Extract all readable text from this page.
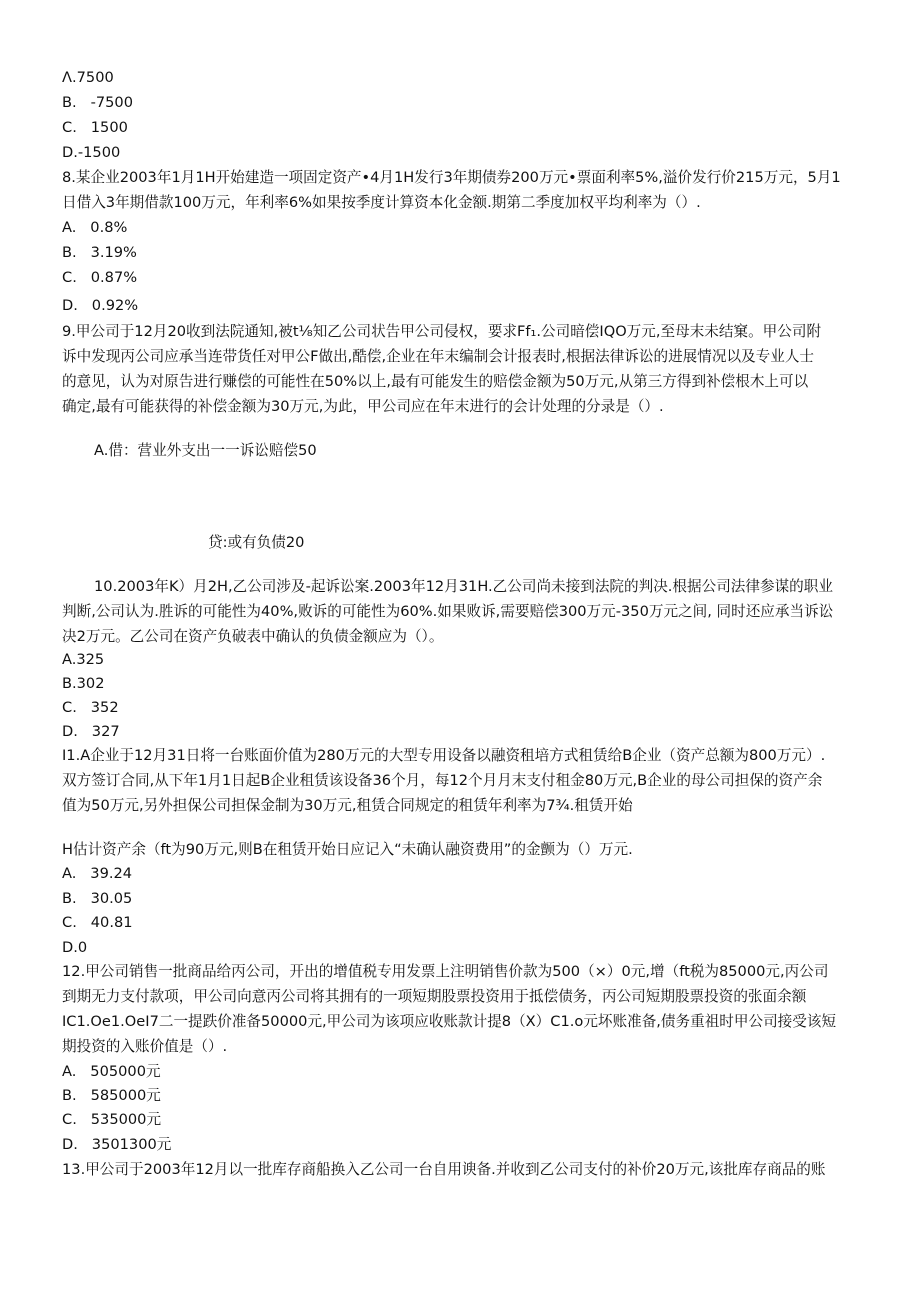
Λ.7500
B.   -7500
C.   1500
D.-1500
8.某企业2003年1月1H开始建造一项固定资产•4月1H发行3年期债券200万元•票面利率5%,溢价发行价215万元，5月1
日借入3年期借款100万元，年利率6%如果按季度计算资本化金额.期第二季度加权平均利率为（）.
A.   0.8%
B.   3.19%
C.   0.87%
D.   0.92%
9.甲公司于12月20收到法院通知,被t⅛知乙公司状告甲公司侵权，要求Ff₁.公司暗偿IQO万元,至母末未结窠。甲公司附
诉中发现丙公司应承当连带货任对甲公F做出,酷偿,企业在年末编制会计报表时,根据法律诉讼的进展情况以及专业人士
的意见，认为对原告进行赚偿的可能性在50%以上,最有可能发生的赔偿金额为50万元,从第三方得到补偿根木上可以
确定,最有可能获得的补偿金额为30万元,为此，甲公司应在年末进行的会计处理的分录是（）.
A.借：营业外支出一一诉讼赔偿50
贷:或有负债20
10.2003年K）月2H,乙公司涉及-起诉讼案.2003年12月31H.乙公司尚未接到法院的判决.根据公司法律参谋的职业
判断,公司认为.胜诉的可能性为40%,败诉的可能性为60%.如果败诉,需要赔偿300万元-350万元之间, 同时还应承当诉讼
决2万元。乙公司在资产负破表中确认的负债金额应为（）。
A.325
B.302
C.   352
D.   327
I1.A企业于12月31日将一台账面价值为280万元的大型专用设备以融资租培方式租赁给B企业（资产总额为800万元）.
双方签订合同,从下年1月1日起B企业租赁该设备36个月，每12个月月末支付租金80万元,B企业的母公司担保的资产余
值为50万元,另外担保公司担保金制为30万元,租赁合同规定的租赁年利率为7¾.租赁开始
H估计资产余（ft为90万元,则B在租赁开始日应记入“未确认融资费用”的金颤为（）万元.
A.   39.24
B.   30.05
C.   40.81
D.0
12.甲公司销售一批商品给丙公司，开出的增值税专用发票上注明销售价款为500（×）0元,增（ft税为85000元,丙公司
到期无力支付款项，甲公司向意丙公司将其拥有的一项短期股票投资用于抵偿债务，丙公司短期股票投资的张面余额
IC1.Oe1.OeI7二一提跌价准备50000元,甲公司为该项应收账款计提8（X）C1.o元坏账准备,债务重祖时甲公司接受该短
期投资的入账价值是（）.
A.   505000元
B.   585000元
C.   535000元
D.   3501300元
13.甲公司于2003年12月以一批库存商船换入乙公司一台自用谀备.并收到乙公司支付的补价20万元,该批库存商品的账
